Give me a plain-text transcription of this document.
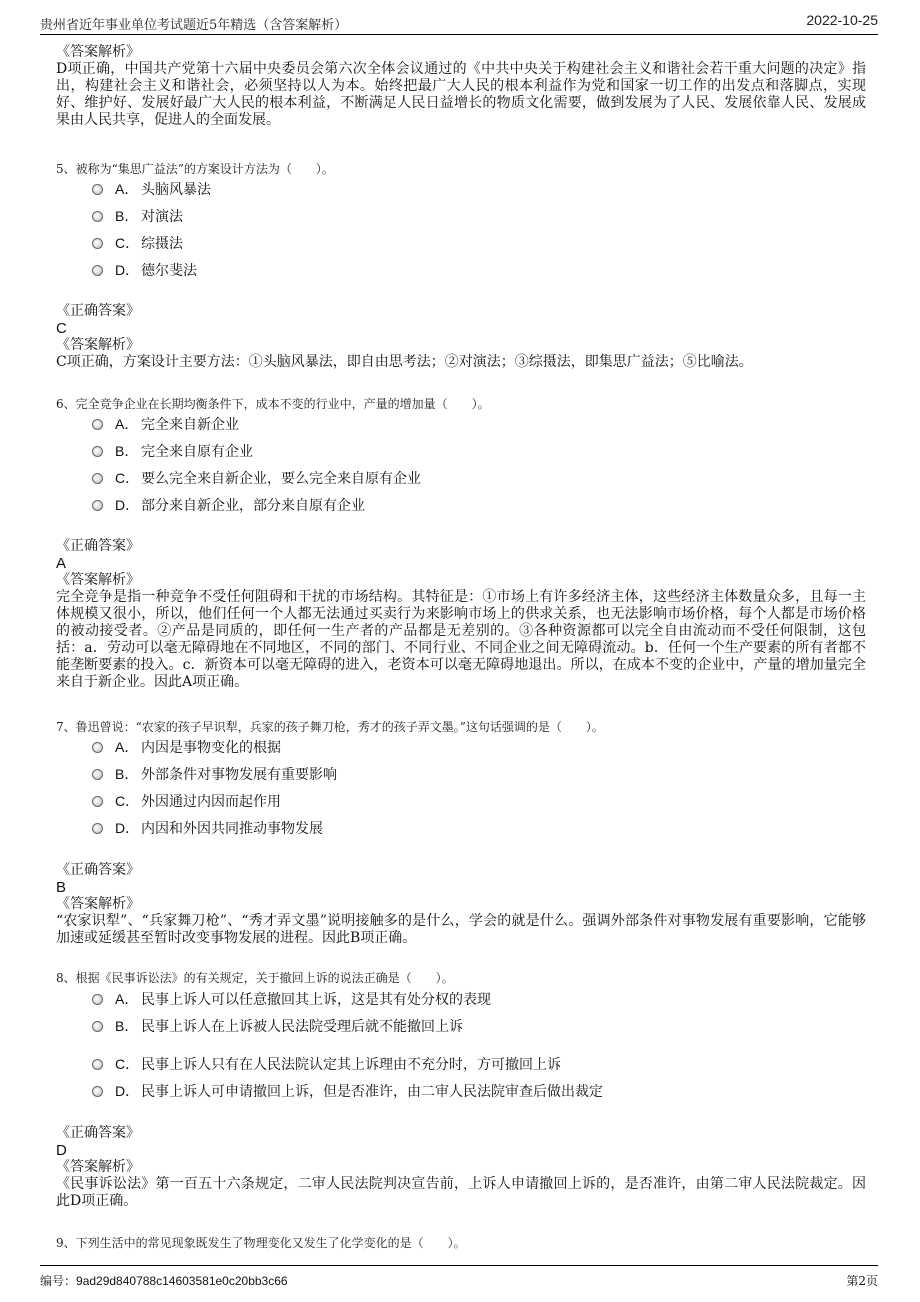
贵州省近年事业单位考试题近5年精选（含答案解析）	2022-10-25
《答案解析》
D项正确，中国共产党第十六届中央委员会第六次全体会议通过的《中共中央关于构建社会主义和谐社会若干重大问题的决定》指出，构建社会主义和谐社会，必须坚持以人为本。始终把最广大人民的根本利益作为党和国家一切工作的出发点和落脚点，实现好、维护好、发展好最广大人民的根本利益，不断满足人民日益增长的物质文化需要，做到发展为了人民、发展依靠人民、发展成果由人民共享，促进人的全面发展。
5、被称为“集思广益法”的方案设计方法为（　　）。
A． 头脑风暴法
B． 对演法
C． 综摄法
D． 德尔斐法
《正确答案》
C
《答案解析》
C项正确，方案设计主要方法：①头脑风暴法，即自由思考法；②对演法；③综摄法，即集思广益法；⑤比喻法。
6、完全竞争企业在长期均衡条件下，成本不变的行业中，产量的增加量（　　）。
A． 完全来自新企业
B． 完全来自原有企业
C． 要么完全来自新企业，要么完全来自原有企业
D． 部分来自新企业，部分来自原有企业
《正确答案》
A
《答案解析》
完全竞争是指一种竞争不受任何阻碍和干扰的市场结构。其特征是：①市场上有许多经济主体，这些经济主体数量众多，且每一主体规模又很小，所以，他们任何一个人都无法通过买卖行为来影响市场上的供求关系，也无法影响市场价格，每个人都是市场价格的被动接受者。②产品是同质的，即任何一生产者的产品都是无差别的。③各种资源都可以完全自由流动而不受任何限制，这包括：a．劳动可以毫无障碍地在不同地区，不同的部门、不同行业、不同企业之间无障碍流动。b．任何一个生产要素的所有者都不能垄断要素的投入。c．新资本可以毫无障碍的进入，老资本可以毫无障碍地退出。所以，在成本不变的企业中，产量的增加量完全来自于新企业。因此A项正确。
7、鲁迅曾说：“农家的孩子早识犁，兵家的孩子舞刀枪，秀才的孩子弄文墨。”这句话强调的是（　　）。
A． 内因是事物变化的根据
B． 外部条件对事物发展有重要影响
C． 外因通过内因而起作用
D． 内因和外因共同推动事物发展
《正确答案》
B
《答案解析》
“农家识犁”、“兵家舞刀枪”、“秀才弄文墨”说明接触多的是什么，学会的就是什么。强调外部条件对事物发展有重要影响，它能够加速或延缓甚至暂时改变事物发展的进程。因此B项正确。
8、根据《民事诉讼法》的有关规定，关于撤回上诉的说法正确是（　　）。
A． 民事上诉人可以任意撤回其上诉，这是其有处分权的表现
B． 民事上诉人在上诉被人民法院受理后就不能撤回上诉
C． 民事上诉人只有在人民法院认定其上诉理由不充分时，方可撤回上诉
D． 民事上诉人可申请撤回上诉，但是否准许，由二审人民法院审查后做出裁定
《正确答案》
D
《答案解析》
《民事诉讼法》第一百五十六条规定，二审人民法院判决宣告前，上诉人申请撤回上诉的，是否准许，由第二审人民法院裁定。因此D项正确。
9、下列生活中的常见现象既发生了物理变化又发生了化学变化的是（　　）。
编号：9ad29d840788c14603581e0c20bb3c66	第2页
